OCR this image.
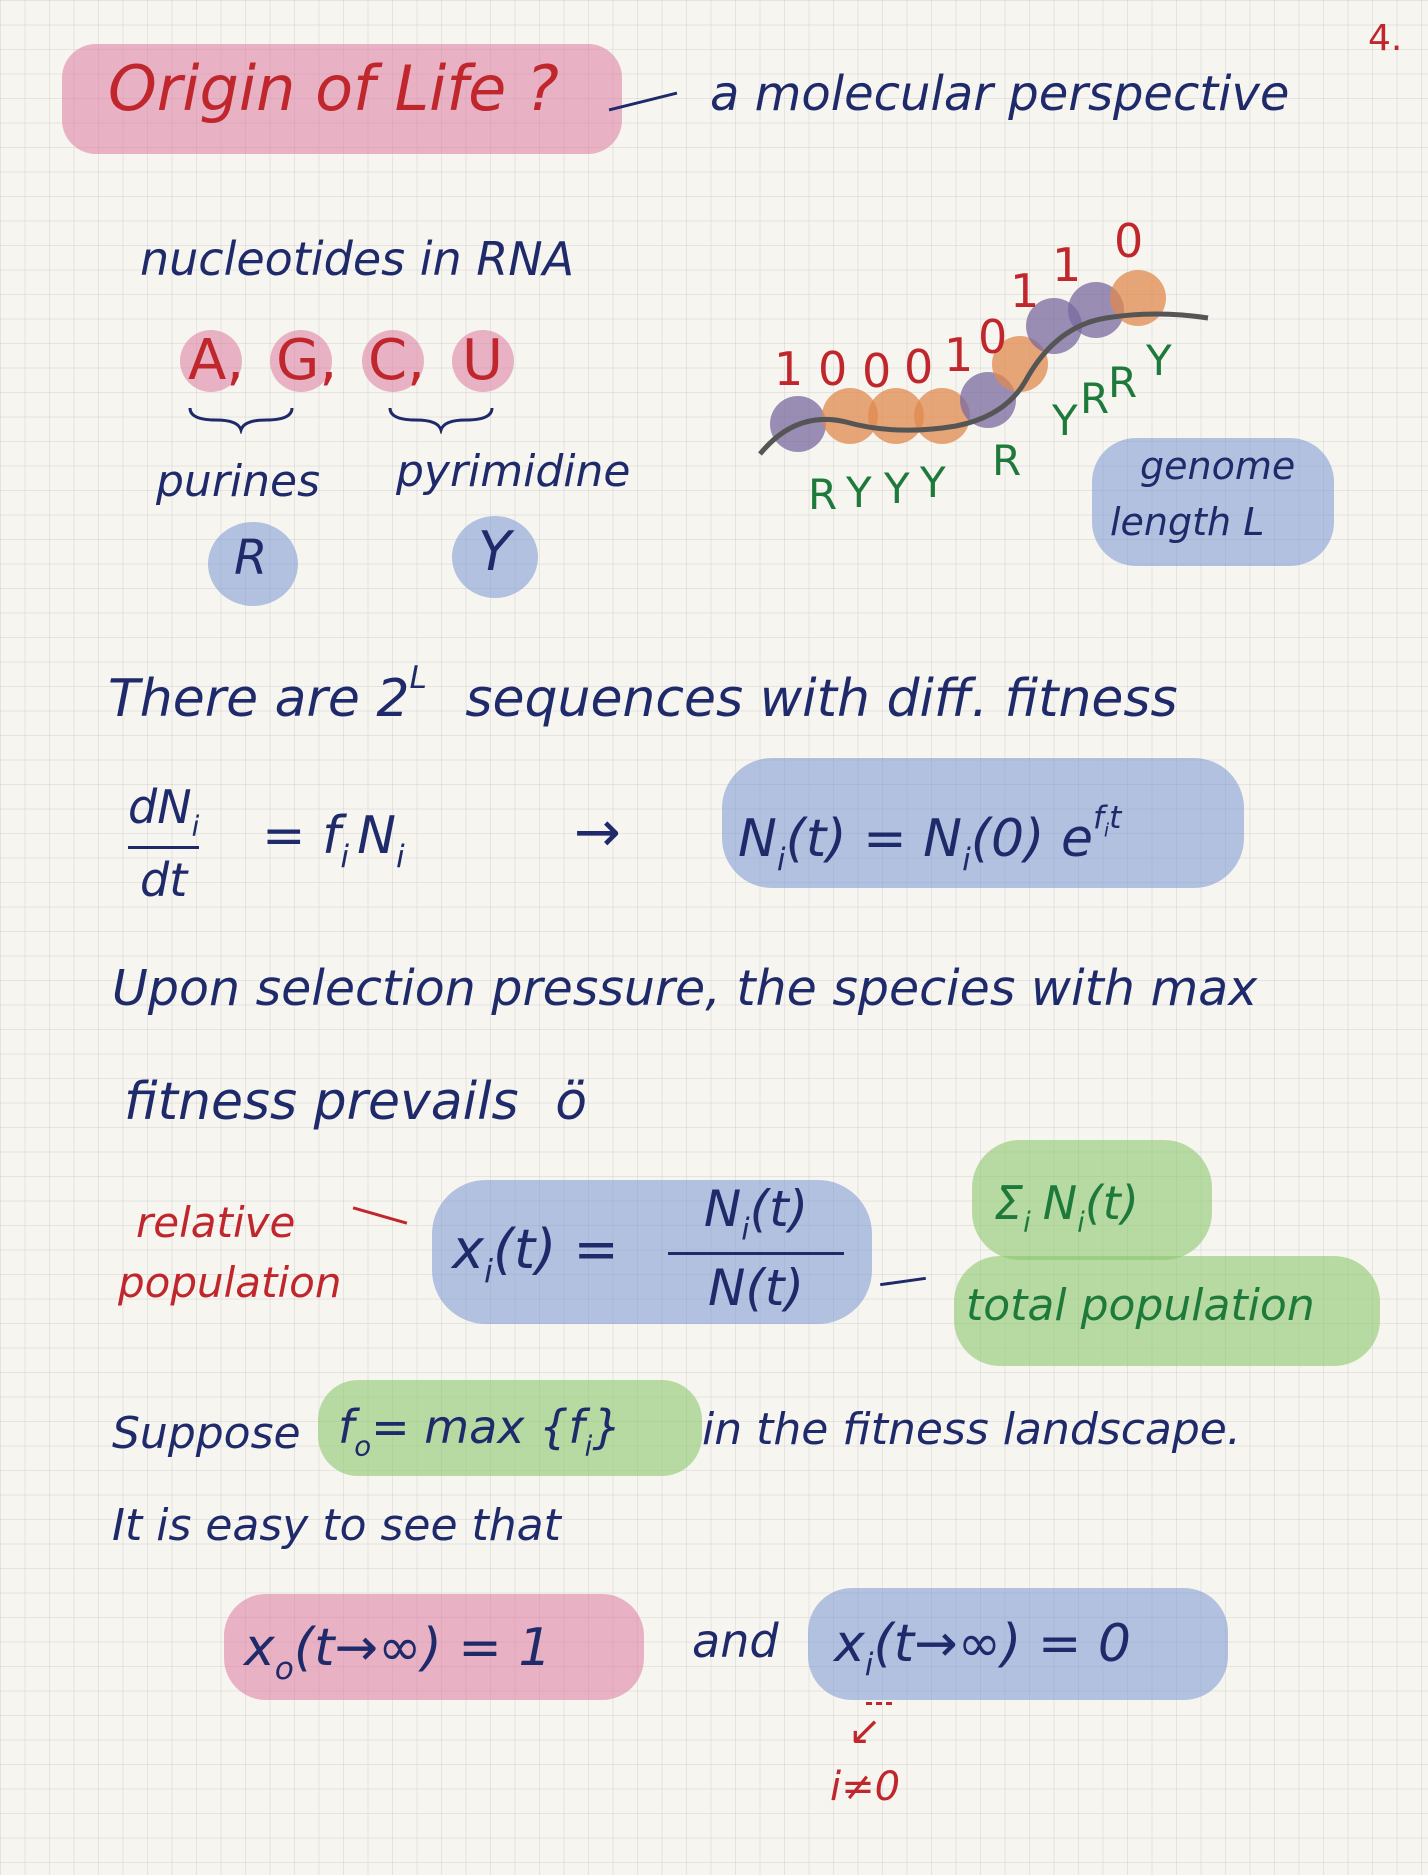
4.
Origin of Life ?	a molecular perspective
nucleotides in RNA
A, G, C, U
purines pyrimidine
R	Y
1 0 0 0 1 0
1 1 0
R Y Y Y R
Y R
R Y
genome
length L
There are $2^L$ sequences with diff. fitness
$\frac{dN_i}{dt} = f_i$ $N_i$	→ $N_i(t) = N_i(0)$ $e^{f_it}$
Upon selection pressure, the species with max
fitness prevails ö
relative
population
$x_i(t) = \frac{N_i(t)}{N(t)}$	$\Sigma_i$ $N_i(t)$
total population
Suppose $f_o= \max \{f_i\}$ in the fitness landscape.
It is easy to see that
$x_o(t\to\infty) = 1$	and $x_i(t\to\infty) = 0$
↙
i≠0
